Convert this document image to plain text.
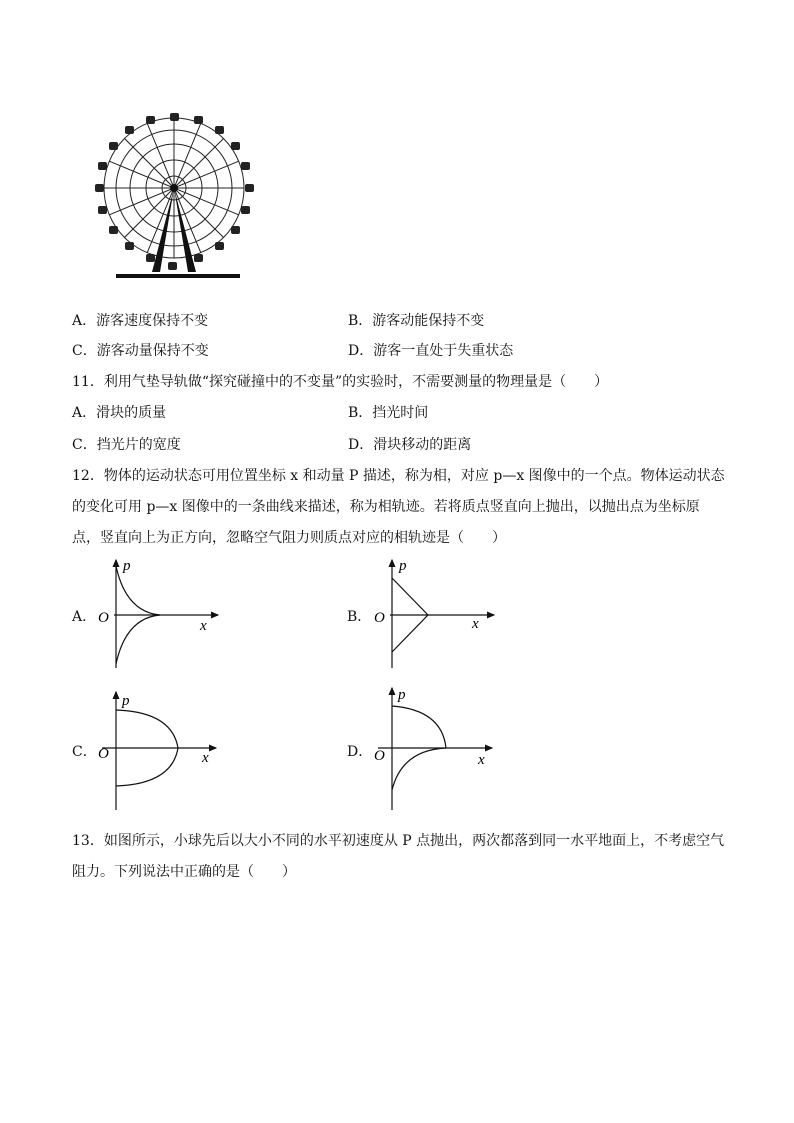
A．游客速度保持不变	B．游客动能保持不变
C．游客动量保持不变	D．游客一直处于失重状态
11．利用气垫导轨做“探究碰撞中的不变量”的实验时，不需要测量的物理量是（　　）
A．滑块的质量	B．挡光时间
C．挡光片的宽度	D．滑块移动的距离
12．物体的运动状态可用位置坐标 x 和动量 P 描述，称为相，对应 p—x 图像中的一个点。物体运动状态
的变化可用 p—x 图像中的一条曲线来描述，称为相轨迹。若将质点竖直向上抛出，以抛出点为坐标原
点，竖直向上为正方向，忽略空气阻力则质点对应的相轨迹是（　　）
A．	B．
C．	D．
p
O	x
p
O	x
p
O	x
p
O	x
13．如图所示，小球先后以大小不同的水平初速度从 P 点抛出，两次都落到同一水平地面上，不考虑空气
阻力。下列说法中正确的是（　　）
